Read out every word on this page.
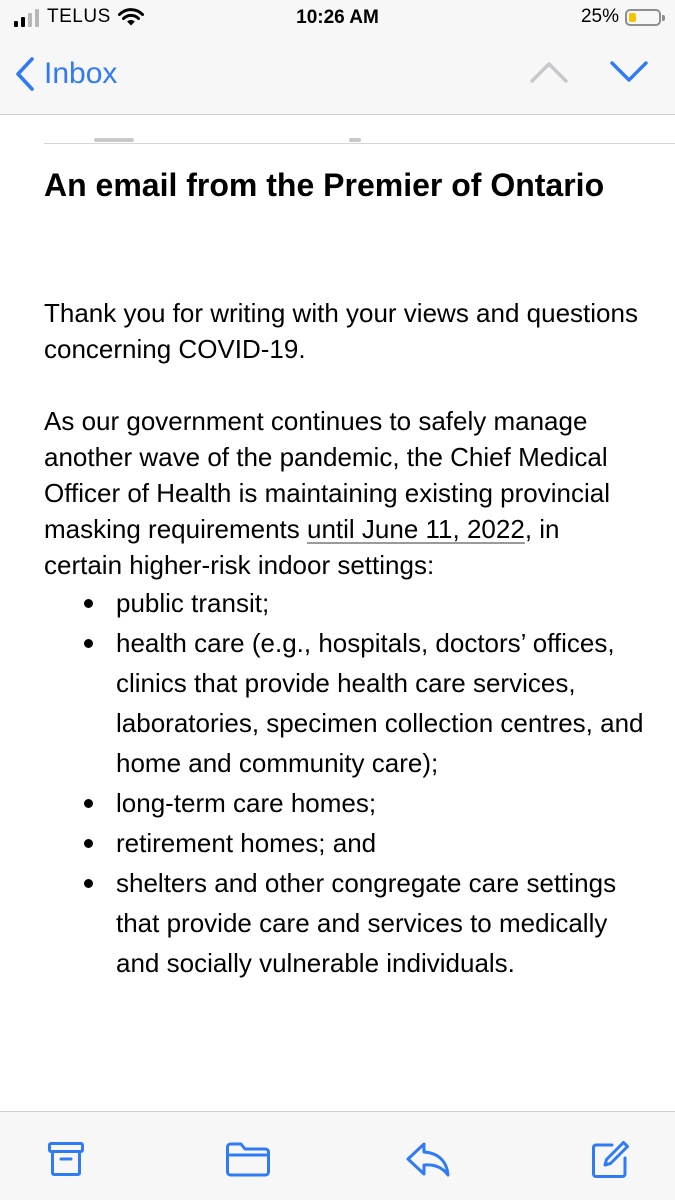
TELUS	10:26 AM	25%
Inbox
An email from the Premier of Ontario

Thank you for writing with your views and questions concerning COVID-19.

As our government continues to safely manage another wave of the pandemic, the Chief Medical Officer of Health is maintaining existing provincial masking requirements until June 11, 2022, in certain higher-risk indoor settings:

public transit;
health care (e.g., hospitals, doctors’ offices, clinics that provide health care services, laboratories, specimen collection centres, and home and community care);
long-term care homes;
retirement homes; and
shelters and other congregate care settings that provide care and services to medically and socially vulnerable individuals.
